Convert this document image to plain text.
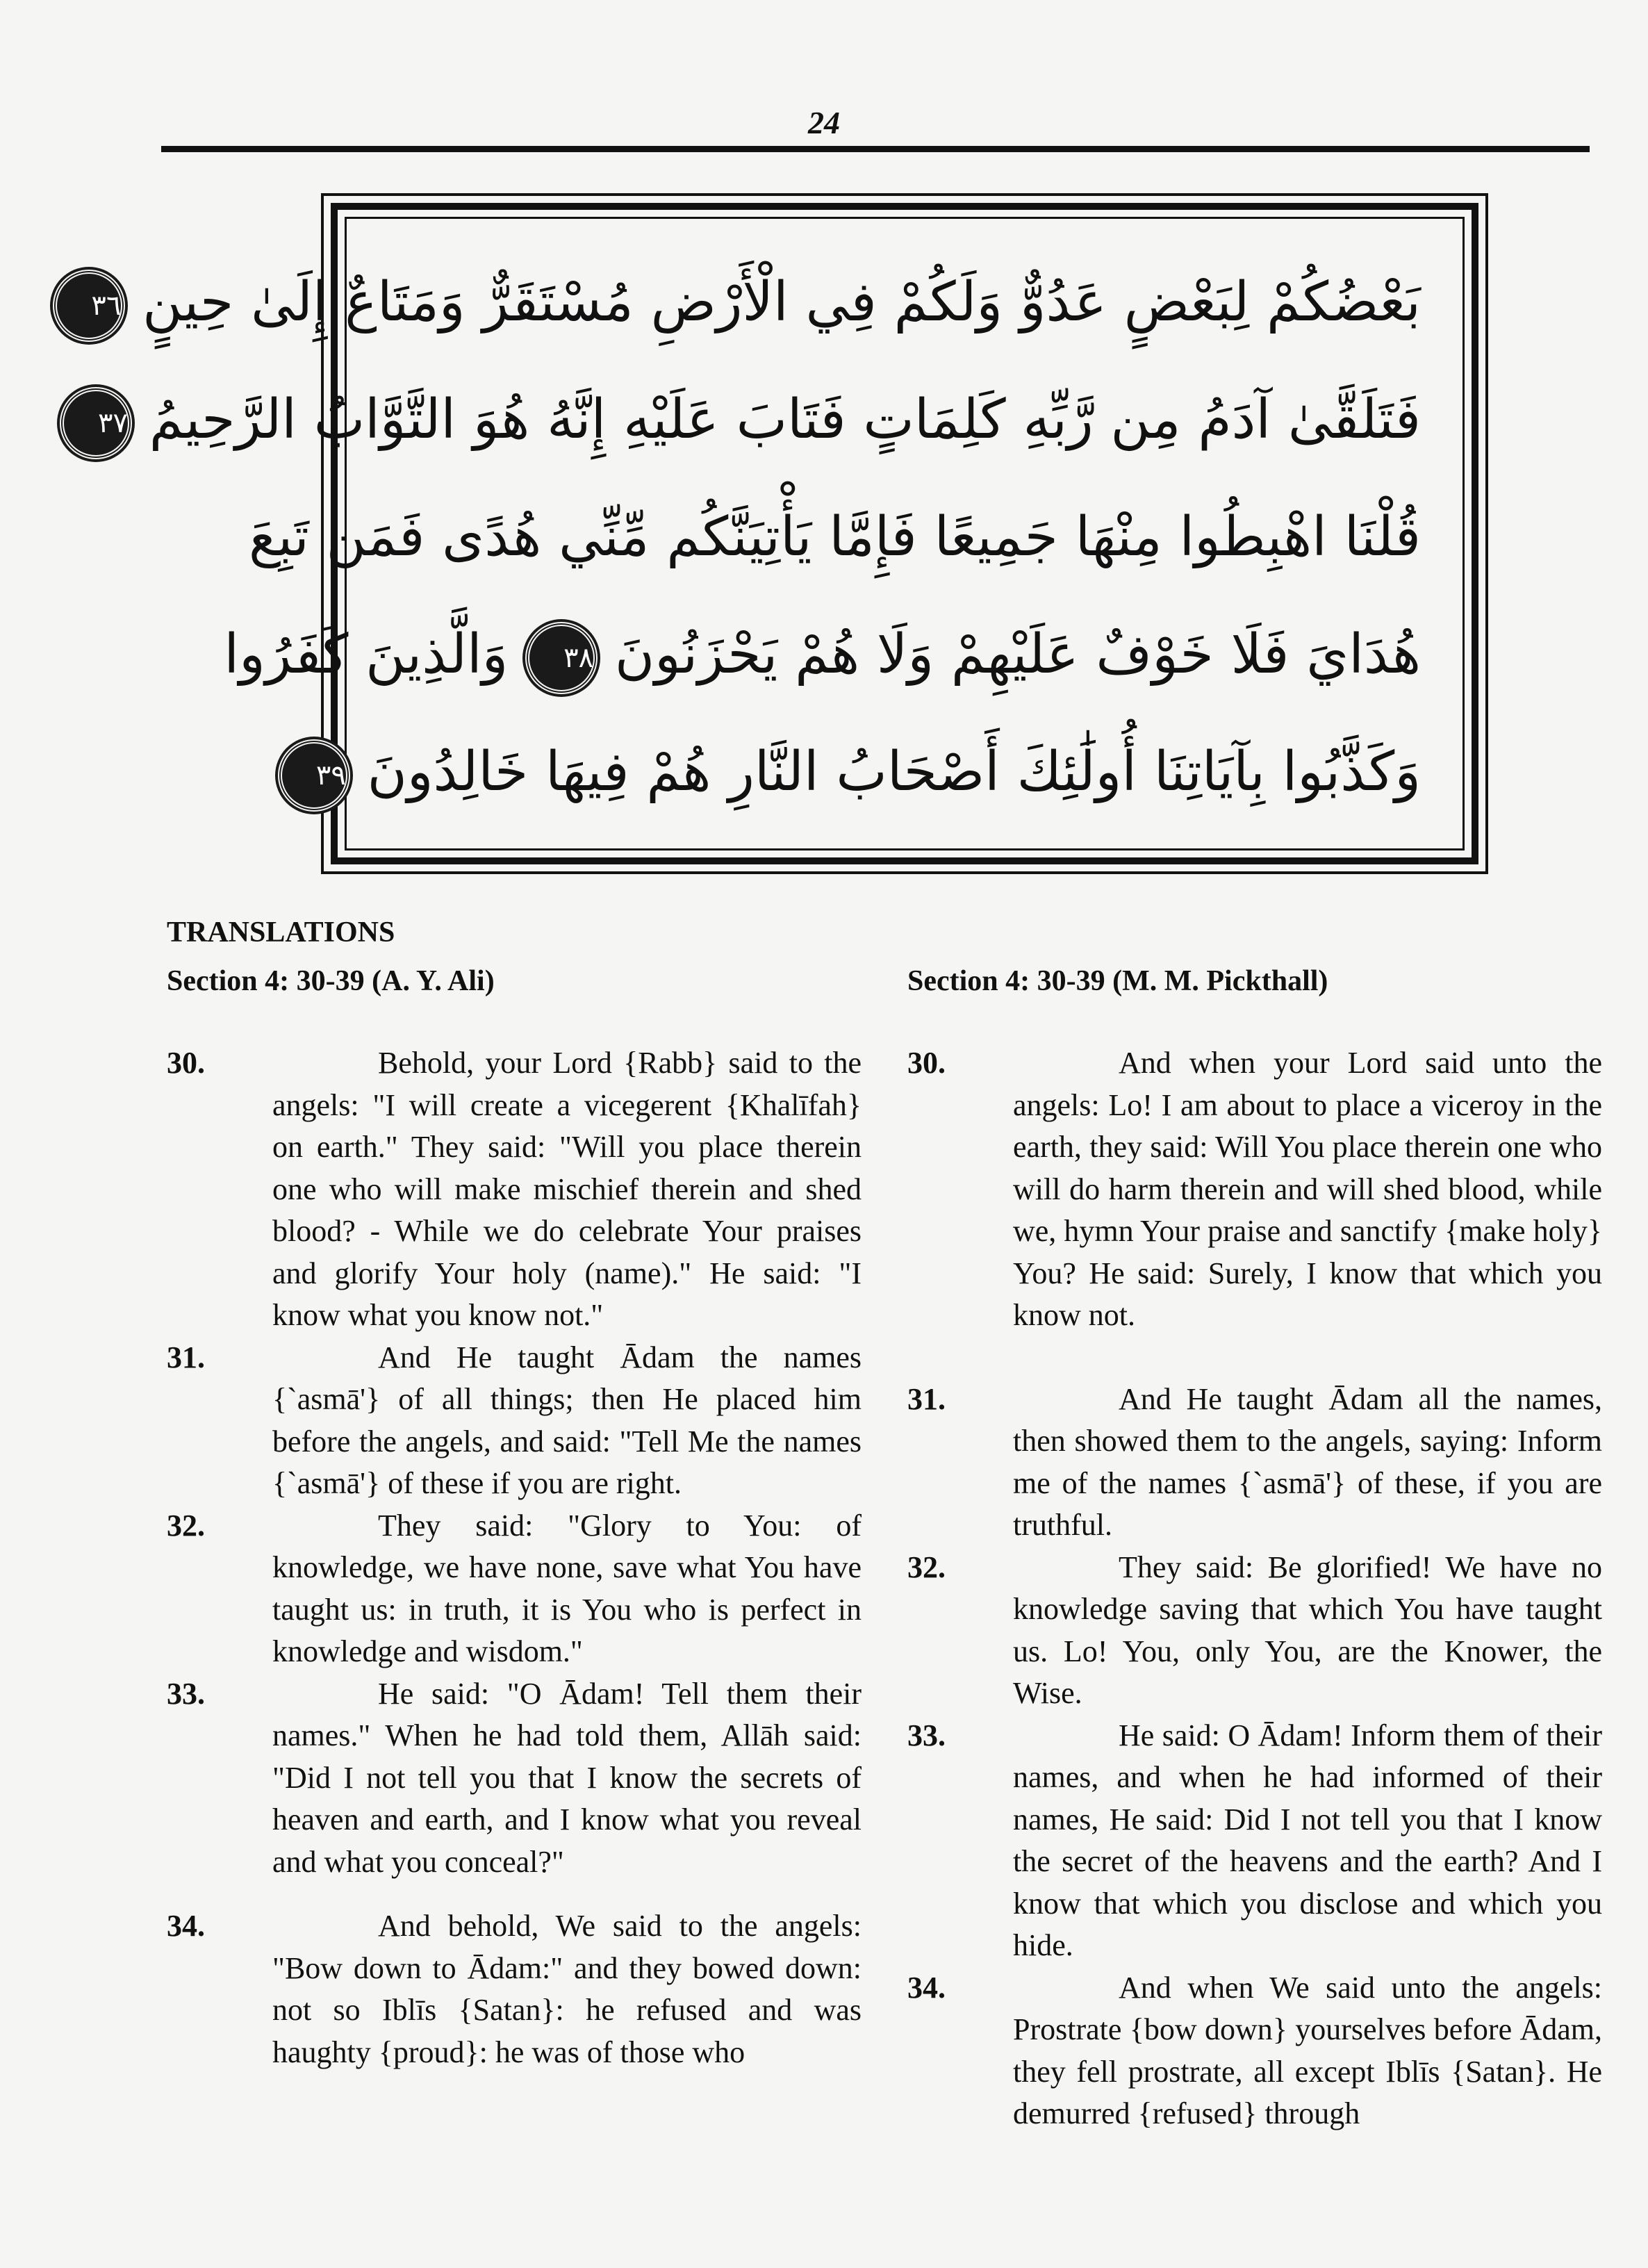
24
بَعْضُكُمْ لِبَعْضٍ عَدُوٌّ وَلَكُمْ فِي الْأَرْضِ مُسْتَقَرٌّ وَمَتَاعٌ إِلَىٰ حِينٍ ٣٦
فَتَلَقَّىٰ آدَمُ مِن رَّبِّهِ كَلِمَاتٍ فَتَابَ عَلَيْهِ إِنَّهُ هُوَ التَّوَّابُ الرَّحِيمُ ٣٧
قُلْنَا اهْبِطُوا مِنْهَا جَمِيعًا فَإِمَّا يَأْتِيَنَّكُم مِّنِّي هُدًى فَمَن تَبِعَ
هُدَايَ فَلَا خَوْفٌ عَلَيْهِمْ وَلَا هُمْ يَحْزَنُونَ ٣٨ وَالَّذِينَ كَفَرُوا
وَكَذَّبُوا بِآيَاتِنَا أُولَٰئِكَ أَصْحَابُ النَّارِ هُمْ فِيهَا خَالِدُونَ ٣٩
TRANSLATIONS
Section 4: 30-39 (A. Y. Ali)	Section 4: 30-39 (M. M. Pickthall)
30.	Behold, your Lord {Rabb} said to the angels: "I will create a vicegerent {Khalīfah} on earth." They said: "Will you place therein one who will make mischief therein and shed blood? - While we do celebrate Your praises and glorify Your holy (name)." He said: "I know what you know not."
31.	And He taught Ādam the names {`asmā'} of all things; then He placed him before the angels, and said: "Tell Me the names {`asmā'} of these if you are right.
32.	They said: "Glory to You: of knowledge, we have none, save what You have taught us: in truth, it is You who is perfect in knowledge and wisdom."
33.	He said: "O Ādam! Tell them their names." When he had told them, Allāh said: "Did I not tell you that I know the secrets of heaven and earth, and I know what you reveal and what you conceal?"
34.	And behold, We said to the angels: "Bow down to Ādam:" and they bowed down: not so Iblīs {Satan}: he refused and was haughty {proud}: he was of those who
30.	And when your Lord said unto the angels: Lo! I am about to place a viceroy in the earth, they said: Will You place therein one who will do harm therein and will shed blood, while we, hymn Your praise and sanctify {make holy} You? He said: Surely, I know that which you know not.
31.	And He taught Ādam all the names, then showed them to the angels, saying: Inform me of the names {`asmā'} of these, if you are truthful.
32.	They said: Be glorified! We have no knowledge saving that which You have taught us. Lo! You, only You, are the Knower, the Wise.
33.	He said: O Ādam! Inform them of their names, and when he had informed of their names, He said: Did I not tell you that I know the secret of the heavens and the earth? And I know that which you disclose and which you hide.
34.	And when We said unto the angels: Prostrate {bow down} yourselves before Ādam, they fell prostrate, all except Iblīs {Satan}. He demurred {refused} through
